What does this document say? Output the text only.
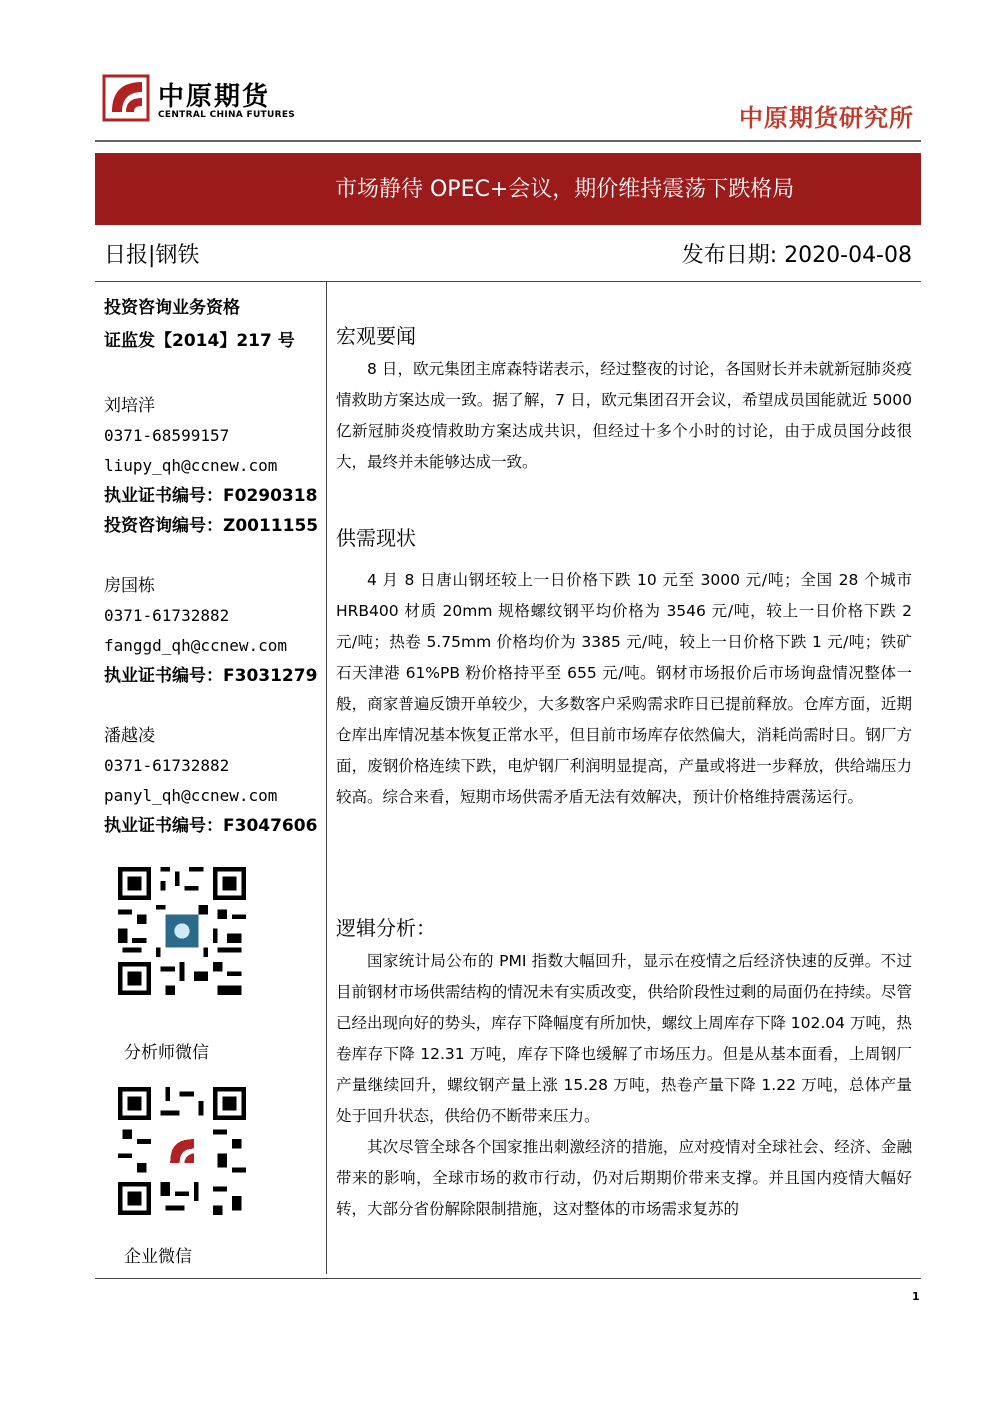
中原期货
CENTRAL CHINA FUTURES	中原期货研究所
市场静待 OPEC+会议，期价维持震荡下跌格局
日报|钢铁	发布日期: 2020-04-08
投资咨询业务资格
证监发【2014】217 号
刘培洋
0371-68599157
liupy_qh@ccnew.com
执业证书编号：F0290318
投资咨询编号：Z0011155
房国栋
0371-61732882
fanggd_qh@ccnew.com
执业证书编号：F3031279
潘越凌
0371-61732882
panyl_qh@ccnew.com
执业证书编号：F3047606
分析师微信
企业微信
宏观要闻

8 日，欧元集团主席森特诺表示，经过整夜的讨论，各国财长并未就新冠肺炎疫情救助方案达成一致。据了解，7 日，欧元集团召开会议，希望成员国能就近 5000 亿新冠肺炎疫情救助方案达成共识，但经过十多个小时的讨论，由于成员国分歧很大，最终并未能够达成一致。

供需现状

4 月 8 日唐山钢坯较上一日价格下跌 10 元至 3000 元/吨；全国 28 个城市 HRB400 材质 20mm 规格螺纹钢平均价格为 3546 元/吨，较上一日价格下跌 2 元/吨；热卷 5.75mm 价格均价为 3385 元/吨，较上一日价格下跌 1 元/吨；铁矿石天津港 61%PB 粉价格持平至 655 元/吨。钢材市场报价后市场询盘情况整体一般，商家普遍反馈开单较少，大多数客户采购需求昨日已提前释放。仓库方面，近期仓库出库情况基本恢复正常水平，但目前市场库存依然偏大，消耗尚需时日。钢厂方面，废钢价格连续下跌，电炉钢厂利润明显提高，产量或将进一步释放，供给端压力较高。综合来看，短期市场供需矛盾无法有效解决，预计价格维持震荡运行。

逻辑分析：

国家统计局公布的 PMI 指数大幅回升，显示在疫情之后经济快速的反弹。不过目前钢材市场供需结构的情况未有实质改变，供给阶段性过剩的局面仍在持续。尽管已经出现向好的势头，库存下降幅度有所加快，螺纹上周库存下降 102.04 万吨，热卷库存下降 12.31 万吨，库存下降也缓解了市场压力。但是从基本面看，上周钢厂产量继续回升，螺纹钢产量上涨 15.28 万吨，热卷产量下降 1.22 万吨，总体产量处于回升状态，供给仍不断带来压力。

其次尽管全球各个国家推出刺激经济的措施，应对疫情对全球社会、经济、金融带来的影响，全球市场的救市行动，仍对后期期价带来支撑。并且国内疫情大幅好转，大部分省份解除限制措施，这对整体的市场需求复苏的

1
